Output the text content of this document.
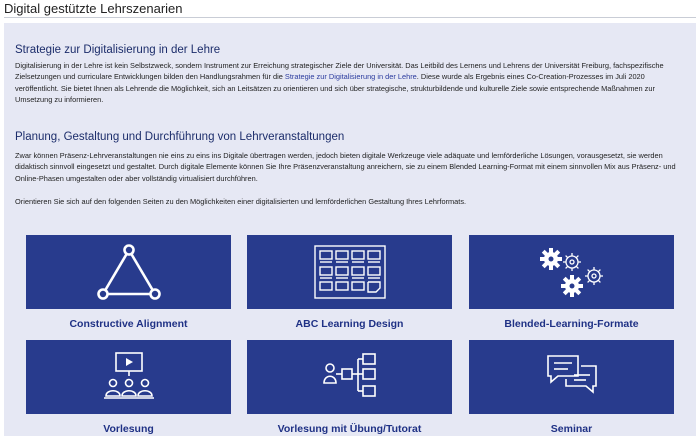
Digital gestützte Lehrszenarien
Strategie zur Digitalisierung in der Lehre
Digitalisierung in der Lehre ist kein Selbstzweck, sondern Instrument zur Erreichung strategischer Ziele der Universität. Das Leitbild des Lernens und Lehrens der Universität Freiburg, fachspezifische Zielsetzungen und curriculare Entwicklungen bilden den Handlungsrahmen für die Strategie zur Digitalisierung in der Lehre. Diese wurde als Ergebnis eines Co-Creation-Prozesses im Juli 2020 veröffentlicht. Sie bietet Ihnen als Lehrende die Möglichkeit, sich an Leitsätzen zu orientieren und sich über strategische, strukturbildende und kulturelle Ziele sowie entsprechende Maßnahmen zur Umsetzung zu informieren.
Planung, Gestaltung und Durchführung von Lehrveranstaltungen
Zwar können Präsenz-Lehrveranstaltungen nie eins zu eins ins Digitale übertragen werden, jedoch bieten digitale Werkzeuge viele adäquate und lernförderliche Lösungen, vorausgesetzt, sie werden didaktisch sinnvoll eingesetzt und gestaltet. Durch digitale Elemente können Sie Ihre Präsenzveranstaltung anreichern, sie zu einem Blended Learning-Format mit einem sinnvollen Mix aus Präsenz- und Online-Phasen umgestalten oder aber vollständig virtualisiert durchführen.
Orientieren Sie sich auf den folgenden Seiten zu den Möglichkeiten einer digitalisierten und lernförderlichen Gestaltung Ihres Lehrformats.
Constructive Alignment	ABC Learning Design	Blended-Learning-Formate
Vorlesung	Vorlesung mit Übung/Tutorat	Seminar
